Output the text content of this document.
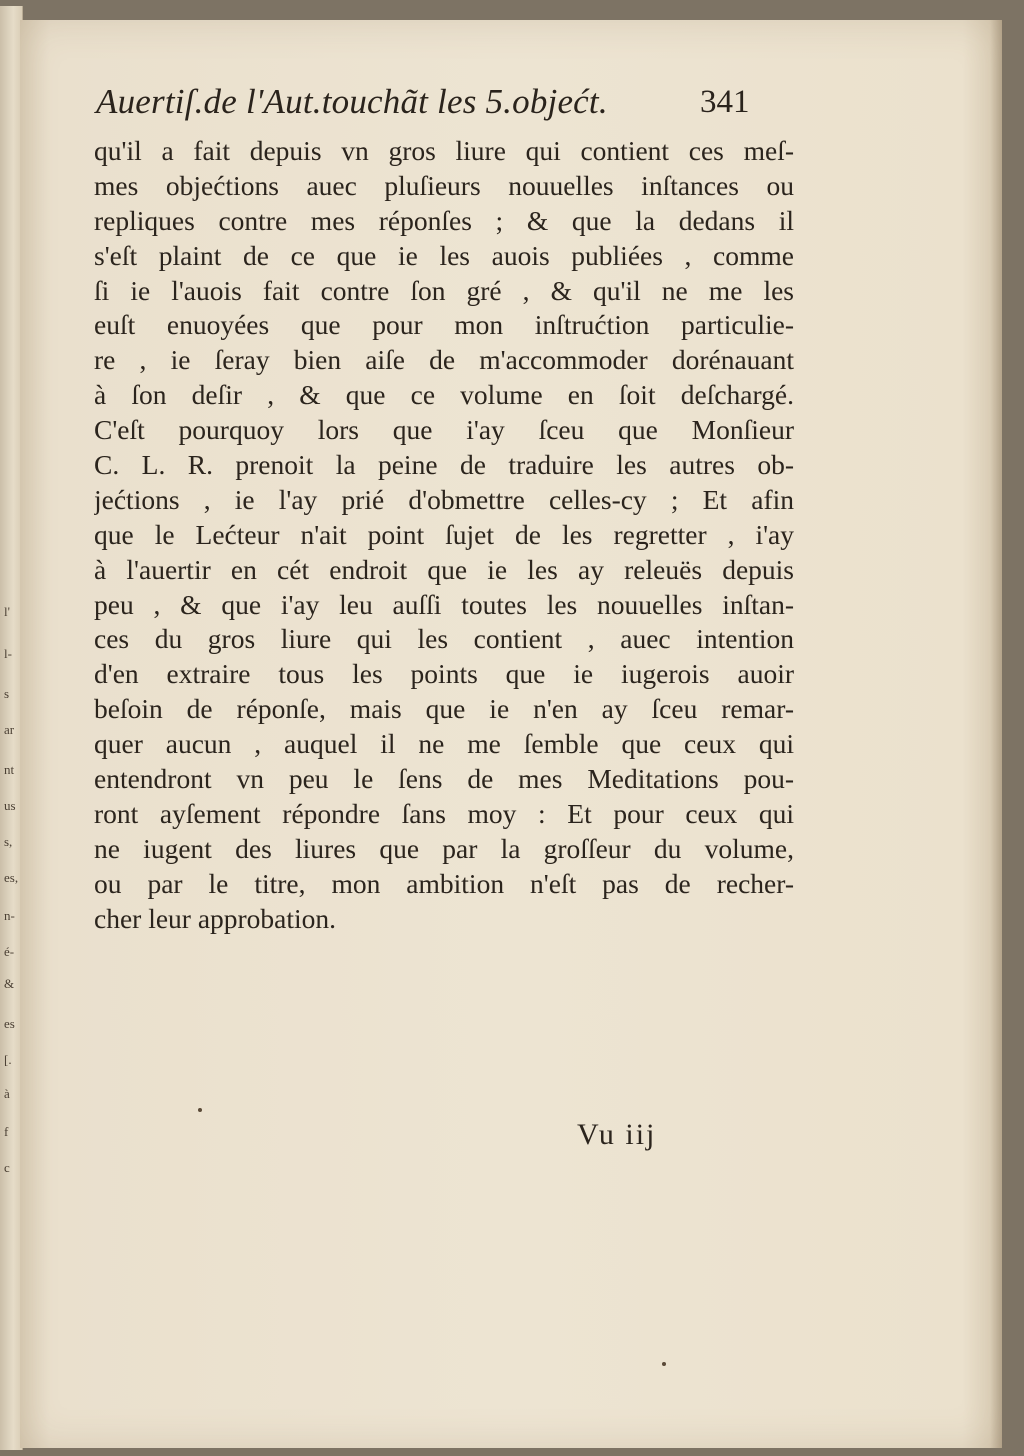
l'
l-
s
ar
nt
us
s,
es,
n-
é-
&
es
[.
à
f
c
Auertiſ.de l'Aut.touchãt les 5.objećt.	341
qu'il a fait depuis vn gros liure qui contient ces meſ-
mes objećtions auec pluſieurs nouuelles inſtances ou
repliques contre mes réponſes ; & que la dedans il
s'eſt plaint de ce que ie les auois publiées , comme
ſi ie l'auois fait contre ſon gré , & qu'il ne me les
euſt enuoyées que pour mon inſtrućtion particulie-
re , ie ſeray bien aiſe de m'accommoder dorénauant
à ſon deſir , & que ce volume en ſoit deſchargé.
C'eſt pourquoy lors que i'ay ſceu que Monſieur
C. L. R. prenoit la peine de traduire les autres ob-
jećtions , ie l'ay prié d'obmettre celles-cy ; Et afin
que le Lećteur n'ait point ſujet de les regretter , i'ay
à l'auertir en cét endroit que ie les ay releuës depuis
peu , & que i'ay leu auſſi toutes les nouuelles inſtan-
ces du gros liure qui les contient , auec intention
d'en extraire tous les points que ie iugerois auoir
beſoin de réponſe, mais que ie n'en ay ſceu remar-
quer aucun , auquel il ne me ſemble que ceux qui
entendront vn peu le ſens de mes Meditations pou-
ront ayſement répondre ſans moy : Et pour ceux qui
ne iugent des liures que par la groſſeur du volume,
ou par le titre, mon ambition n'eſt pas de recher-
cher leur approbation.

Vu iij
